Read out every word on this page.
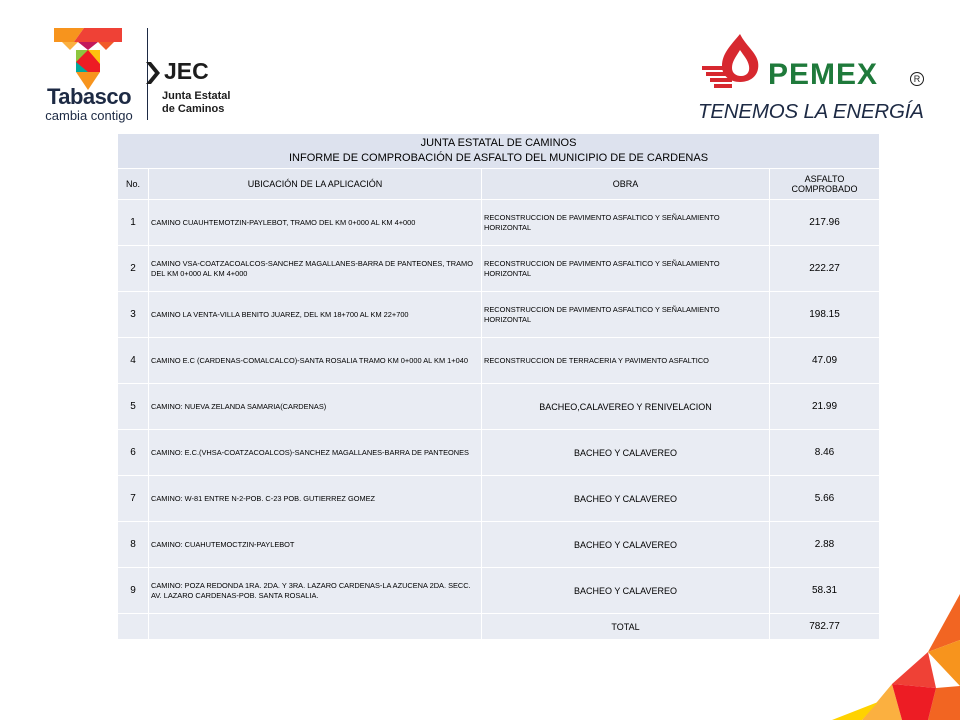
Tabasco
cambia contigo
JEC
Junta Estatal
de Caminos
PEMEX	R
TENEMOS LA ENERGÍA
JUNTA ESTATAL DE CAMINOS
INFORME DE COMPROBACIÓN DE ASFALTO DEL MUNICIPIO DE DE CARDENAS			

No.	UBICACIÓN DE LA APLICACIÓN	OBRA	ASFALTO COMPROBADO
1	CAMINO CUAUHTEMOTZIN-PAYLEBOT, TRAMO DEL KM 0+000 AL KM 4+000	RECONSTRUCCION DE PAVIMENTO ASFALTICO Y SEÑALAMIENTO HORIZONTAL	217.96
2	CAMINO VSA-COATZACOALCOS-SANCHEZ MAGALLANES-BARRA DE PANTEONES, TRAMO DEL KM 0+000 AL KM 4+000	RECONSTRUCCION DE PAVIMENTO ASFALTICO Y SEÑALAMIENTO HORIZONTAL	222.27
3	CAMINO LA VENTA-VILLA BENITO JUAREZ, DEL KM 18+700 AL KM 22+700	RECONSTRUCCION DE PAVIMENTO ASFALTICO Y SEÑALAMIENTO HORIZONTAL	198.15
4	CAMINO E.C (CARDENAS-COMALCALCO)-SANTA ROSALIA TRAMO KM 0+000 AL KM 1+040	RECONSTRUCCION DE TERRACERIA Y PAVIMENTO ASFALTICO	47.09
5	CAMINO: NUEVA ZELANDA SAMARIA(CARDENAS)	BACHEO,CALAVEREO Y RENIVELACION	21.99
6	CAMINO: E.C.(VHSA-COATZACOALCOS)-SANCHEZ MAGALLANES-BARRA DE PANTEONES	BACHEO Y CALAVEREO	8.46
7	CAMINO: W-81 ENTRE N-2-POB. C-23 POB. GUTIERREZ GOMEZ	BACHEO Y CALAVEREO	5.66
8	CAMINO: CUAHUTEMOCTZIN-PAYLEBOT	BACHEO Y CALAVEREO	2.88
9	CAMINO: POZA REDONDA 1RA. 2DA. Y 3RA. LAZARO CARDENAS-LA AZUCENA 2DA. SECC. AV. LAZARO CARDENAS-POB. SANTA ROSALIA.	BACHEO Y CALAVEREO	58.31
		TOTAL	782.77
